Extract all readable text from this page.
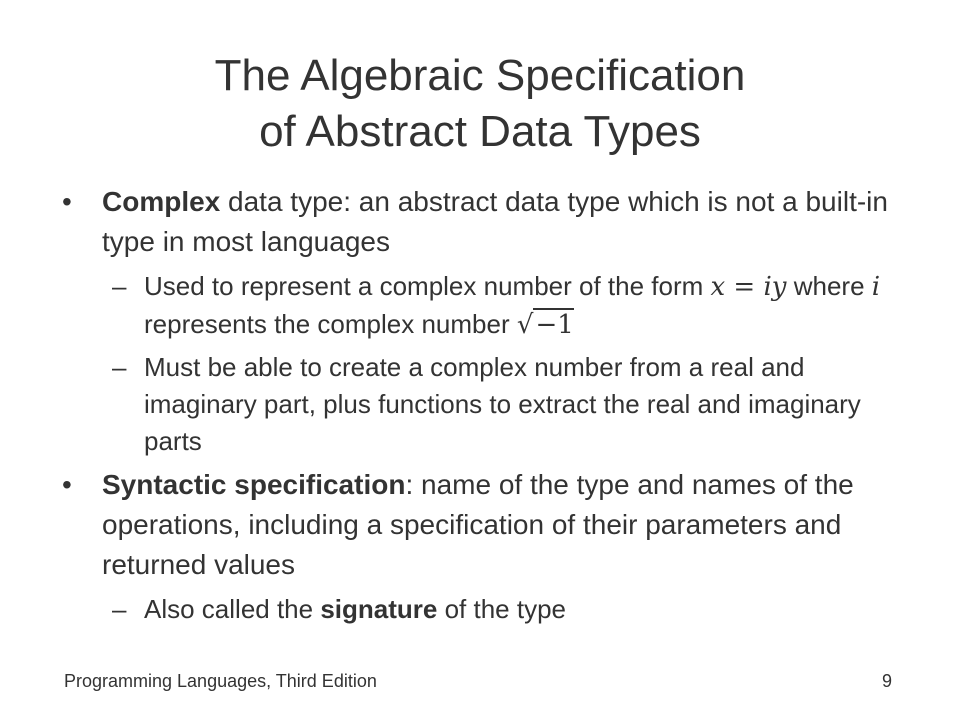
The Algebraic Specification
of Abstract Data Types
•	Complex data type: an abstract data type which is not a built-in type in most languages
– Used to represent a complex number of the form x = iy where i represents the complex number √−1
– Must be able to create a complex number from a real and imaginary part, plus functions to extract the real and imaginary parts
•	Syntactic specification: name of the type and names of the operations, including a specification of their parameters and returned values
– Also called the signature of the type
Programming Languages, Third Edition	9
